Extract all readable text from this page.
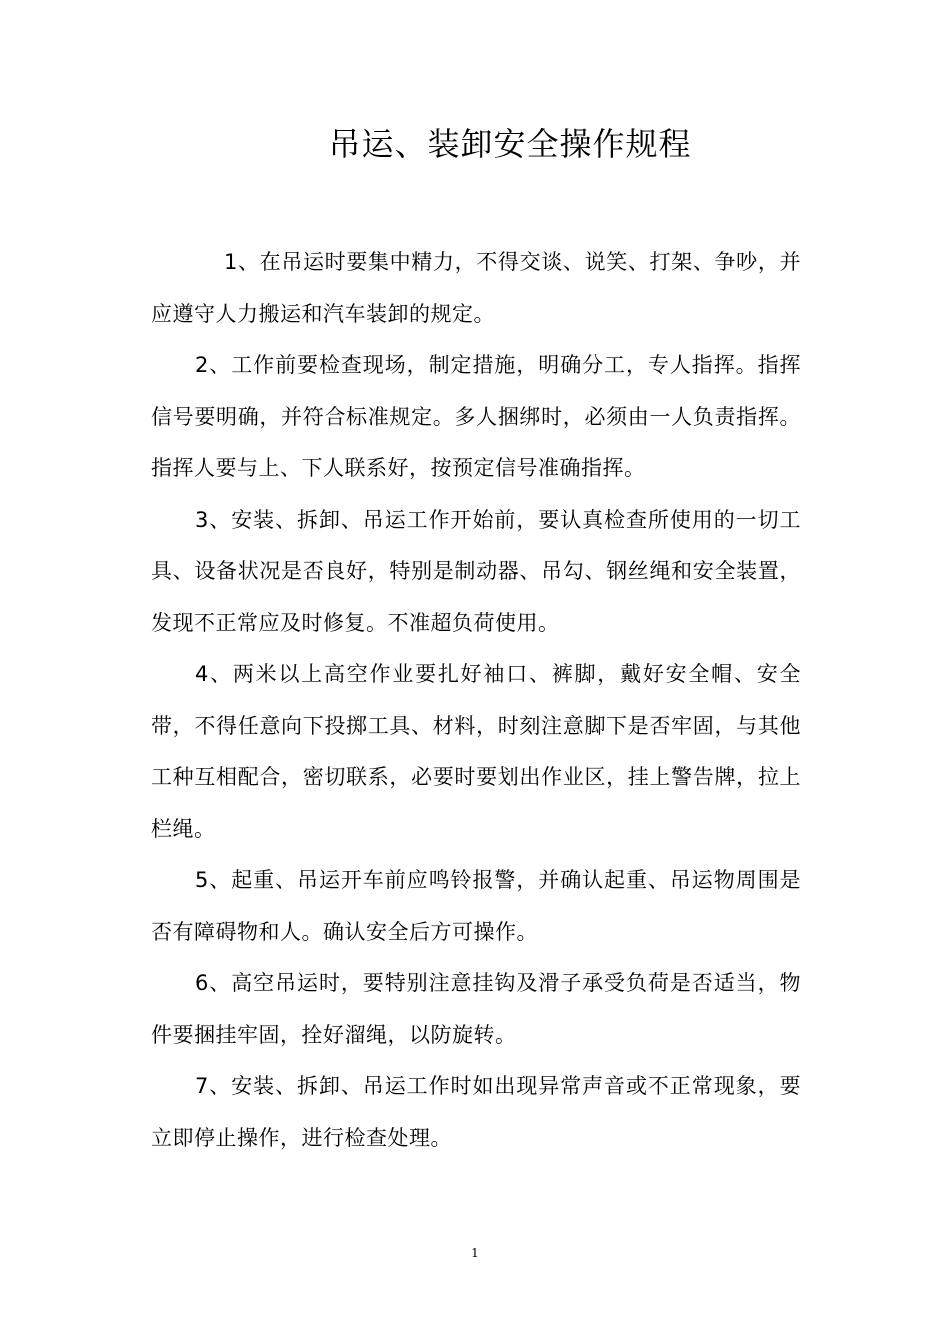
吊运、装卸安全操作规程

1、在吊运时要集中精力，不得交谈、说笑、打架、争吵，并应遵守人力搬运和汽车装卸的规定。

2、工作前要检查现场，制定措施，明确分工，专人指挥。指挥信号要明确，并符合标准规定。多人捆绑时，必须由一人负责指挥。指挥人要与上、下人联系好，按预定信号准确指挥。

3、安装、拆卸、吊运工作开始前，要认真检查所使用的一切工具、设备状况是否良好，特别是制动器、吊勾、钢丝绳和安全装置，发现不正常应及时修复。不准超负荷使用。

4、两米以上高空作业要扎好袖口、裤脚，戴好安全帽、安全带，不得任意向下投掷工具、材料，时刻注意脚下是否牢固，与其他工种互相配合，密切联系，必要时要划出作业区，挂上警告牌，拉上栏绳。

5、起重、吊运开车前应鸣铃报警，并确认起重、吊运物周围是否有障碍物和人。确认安全后方可操作。

6、高空吊运时，要特别注意挂钩及滑子承受负荷是否适当，物件要捆挂牢固，拴好溜绳，以防旋转。

7、安装、拆卸、吊运工作时如出现异常声音或不正常现象，要立即停止操作，进行检查处理。

1
